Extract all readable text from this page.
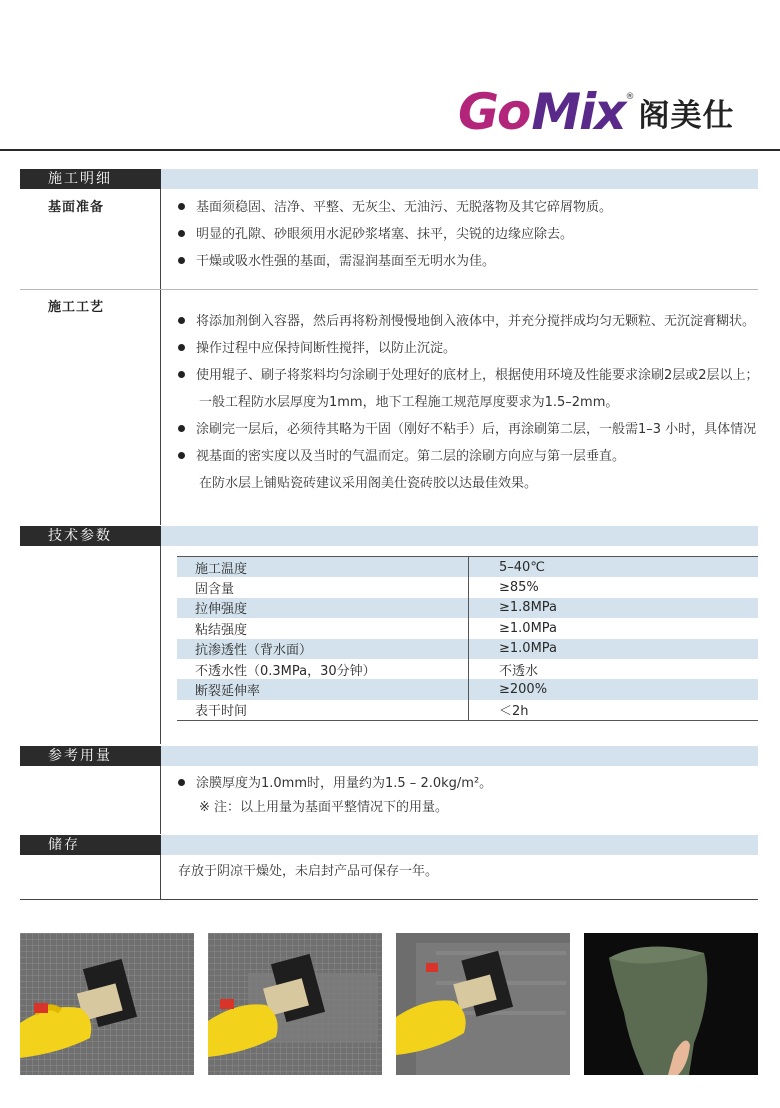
Go Mix ®
阁美仕
施工明细
基面准备	基面须稳固、洁净、平整、无灰尘、无油污、无脱落物及其它碎屑物质。
明显的孔隙、砂眼须用水泥砂浆堵塞、抹平，尖锐的边缘应除去。
干燥或吸水性强的基面，需湿润基面至无明水为佳。
施工工艺
将添加剂倒入容器，然后再将粉剂慢慢地倒入液体中，并充分搅拌成均匀无颗粒、无沉淀膏糊状。
操作过程中应保持间断性搅拌，以防止沉淀。
使用辊子、刷子将浆料均匀涂刷于处理好的底材上，根据使用环境及性能要求涂刷2层或2层以上；
一般工程防水层厚度为1mm，地下工程施工规范厚度要求为1.5–2mm。
涂刷完一层后，必须待其略为干固（刚好不粘手）后，再涂刷第二层，一般需1–3 小时，具体情况
视基面的密实度以及当时的气温而定。第二层的涂刷方向应与第一层垂直。
在防水层上铺贴瓷砖建议采用阁美仕瓷砖胶以达最佳效果。
技术参数
施工温度	5–40℃
固含量	≥85%
拉伸强度	≥1.8MPa
粘结强度	≥1.0MPa
抗渗透性（背水面）	≥1.0MPa
不透水性（0.3MPa，30分钟）	不透水
断裂延伸率	≥200%
表干时间	＜2h
参考用量
涂膜厚度为1.0mm时，用量约为1.5 – 2.0kg/m²。
※ 注：以上用量为基面平整情况下的用量。
储存
存放于阴凉干燥处，未启封产品可保存一年。
